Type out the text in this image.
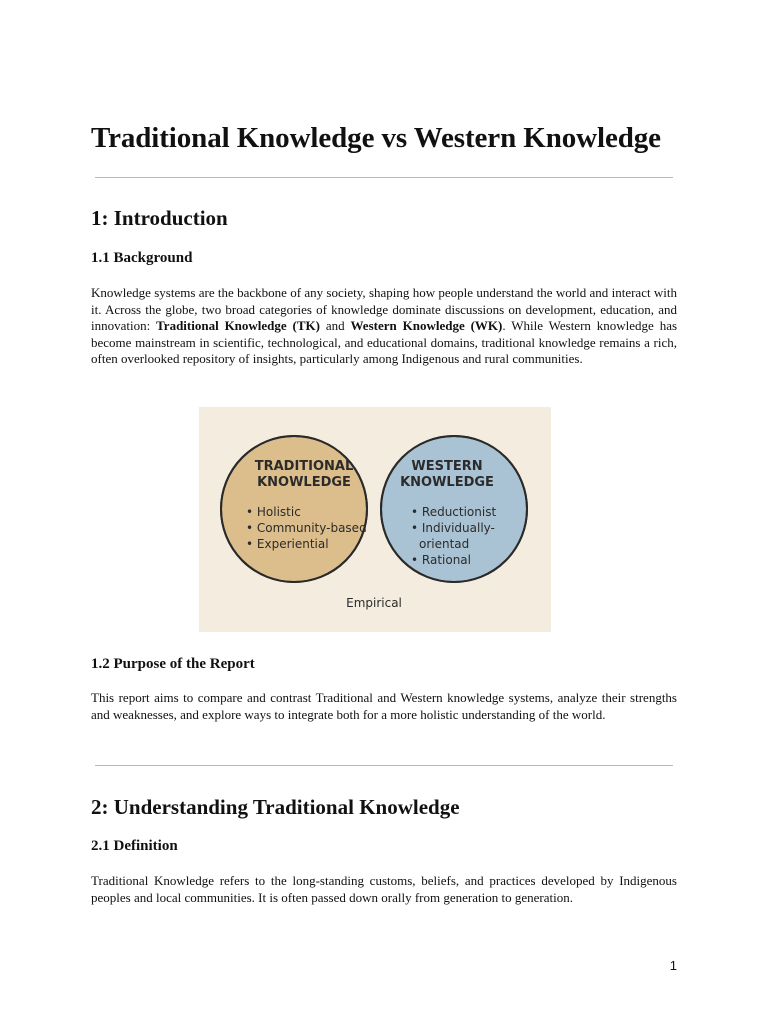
Traditional Knowledge vs Western Knowledge
1: Introduction
1.1 Background

Knowledge systems are the backbone of any society, shaping how people understand the world and interact with it. Across the globe, two broad categories of knowledge dominate discussions on development, education, and innovation: Traditional Knowledge (TK) and Western Knowledge (WK). While Western knowledge has become mainstream in scientific, technological, and educational domains, traditional knowledge remains a rich, often overlooked repository of insights, particularly among Indigenous and rural communities.

TRADITIONAL
KNOWLEDGE
• Holistic
• Community-based
• Experiential
WESTERN
KNOWLEDGE
• Reductionist
• Individually-
orientad
• Rational
Empirical
1.2 Purpose of the Report

This report aims to compare and contrast Traditional and Western knowledge systems, analyze their strengths and weaknesses, and explore ways to integrate both for a more holistic understanding of the world.

2: Understanding Traditional Knowledge
2.1 Definition

Traditional Knowledge refers to the long-standing customs, beliefs, and practices developed by Indigenous peoples and local communities. It is often passed down orally from generation to generation.

1
